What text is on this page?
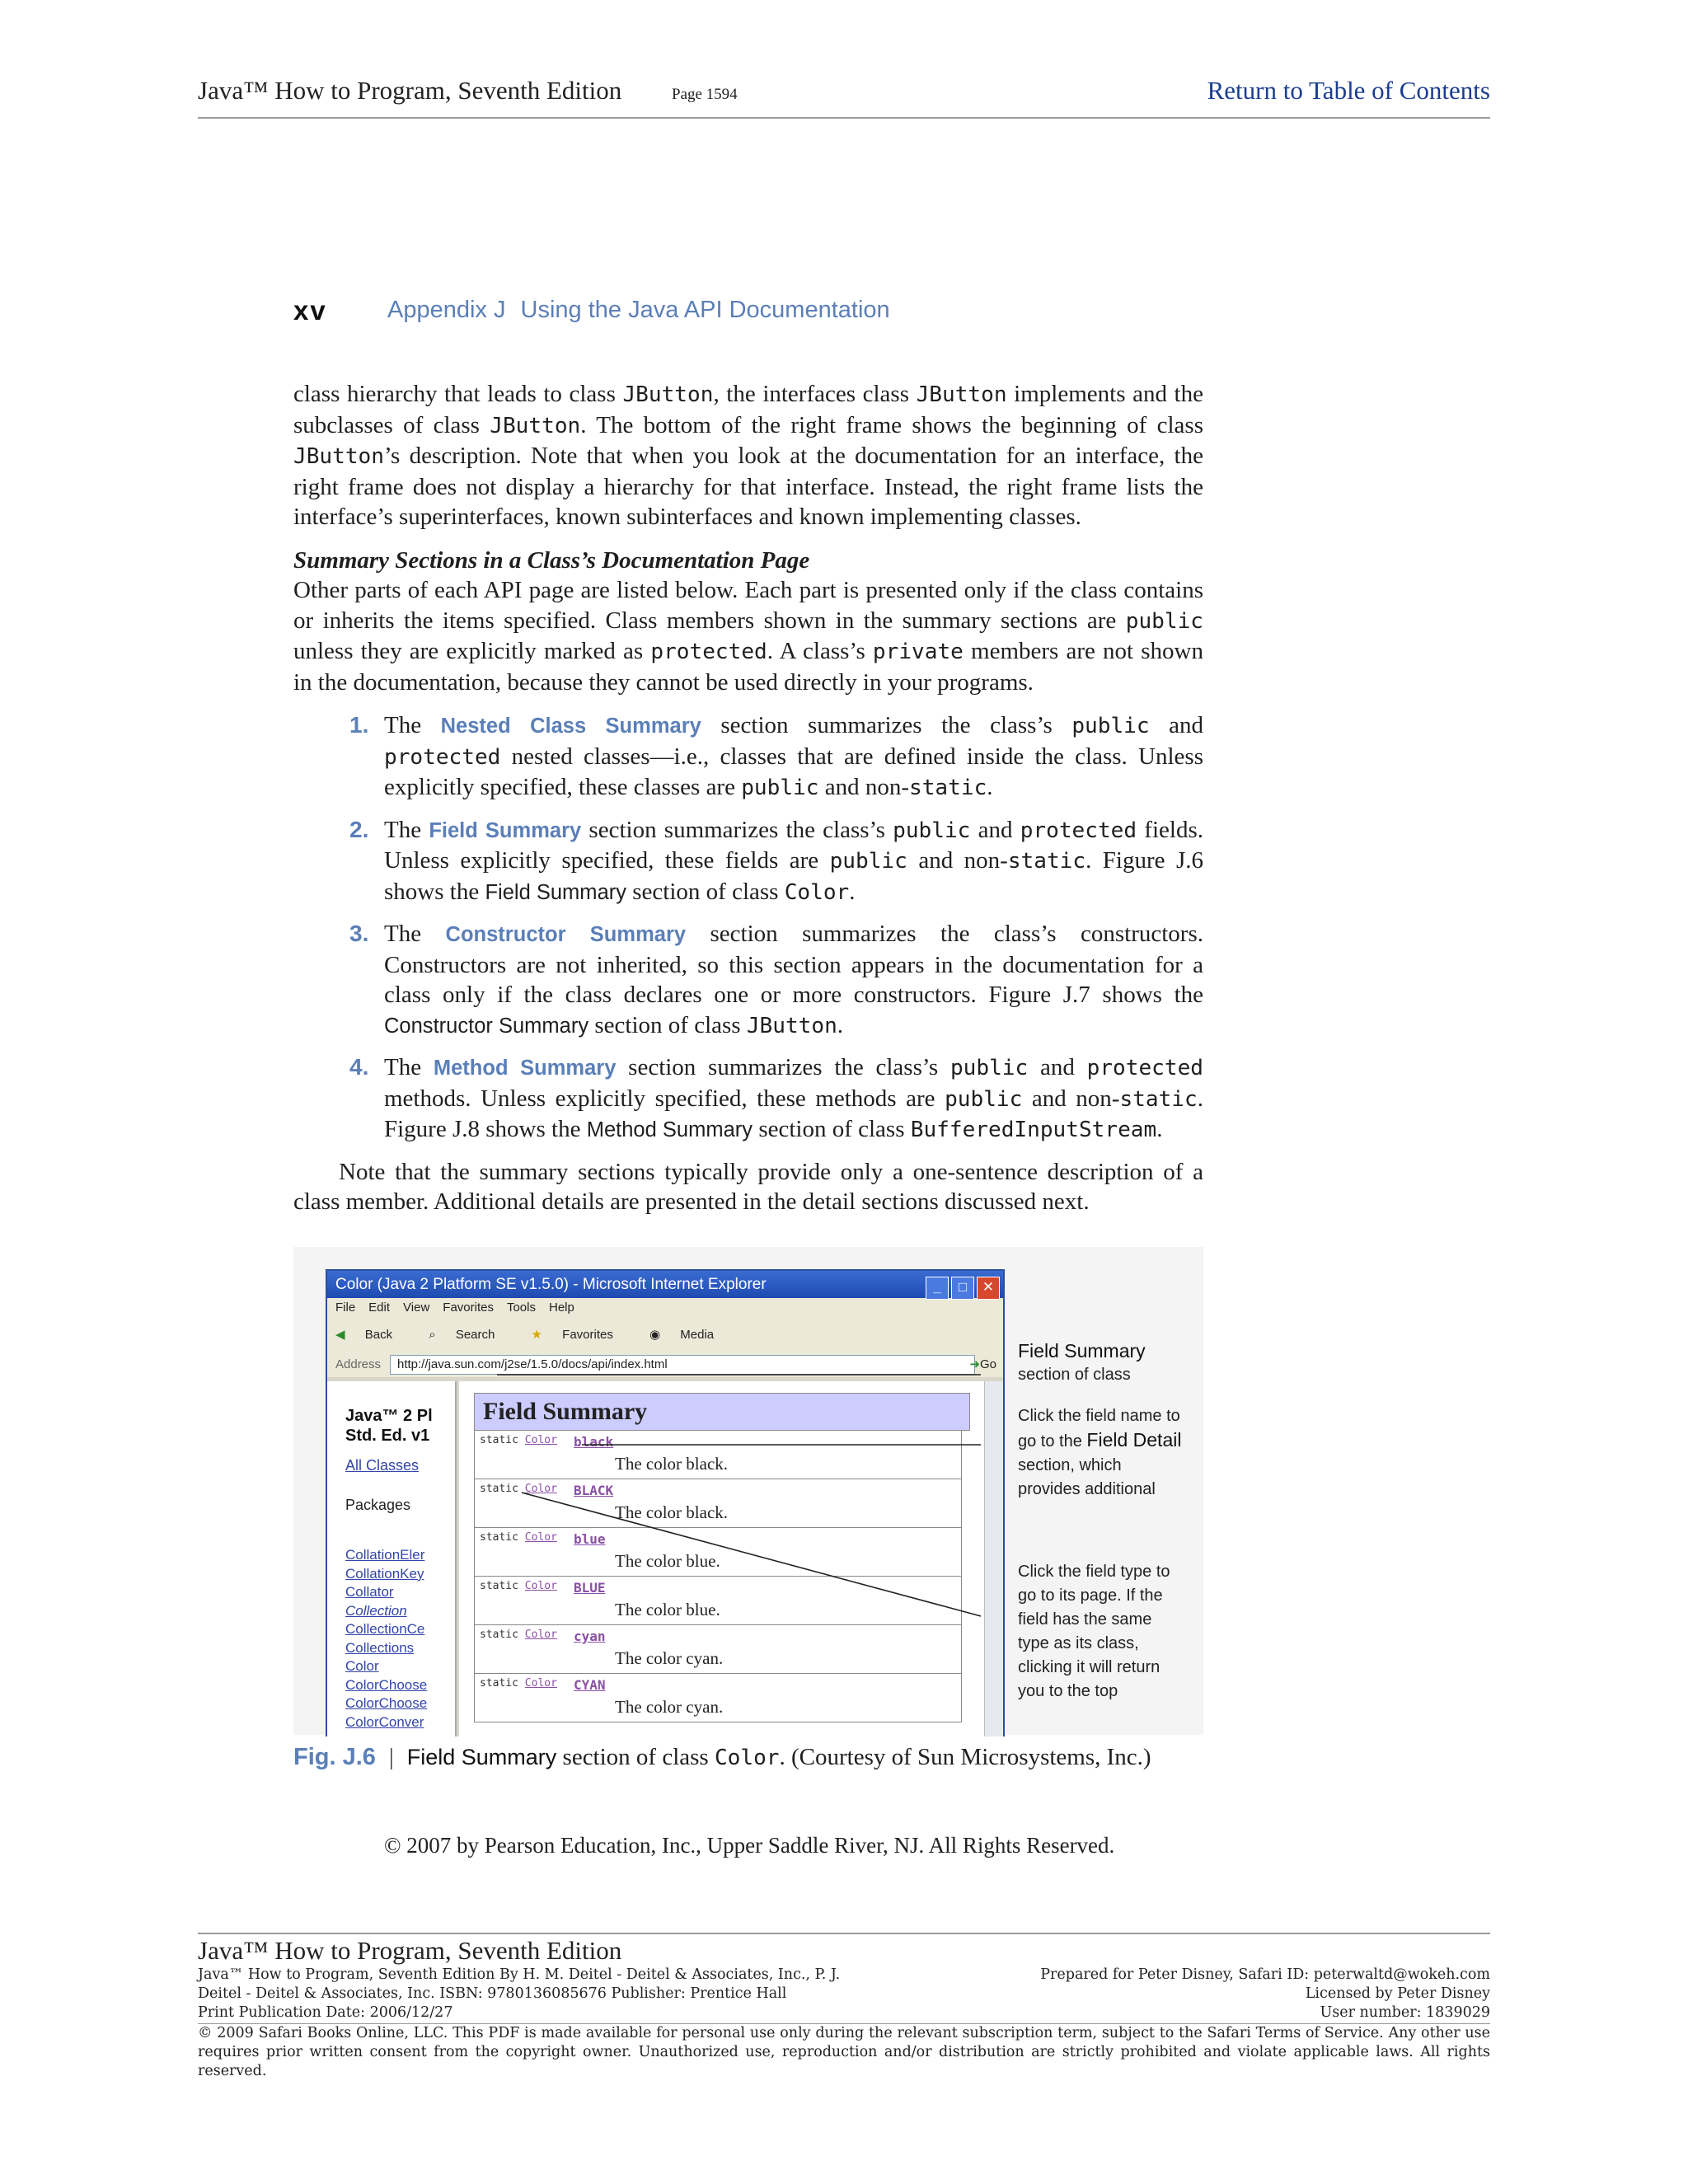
Java™ How to Program, Seventh Edition	Page 1594	Return to Table of Contents
xv	Appendix J Using the Java API Documentation

class hierarchy that leads to class JButton, the interfaces class JButton implements and the subclasses of class JButton. The bottom of the right frame shows the beginning of class JButton’s description. Note that when you look at the documentation for an interface, the right frame does not display a hierarchy for that interface. Instead, the right frame lists the interface’s superinterfaces, known subinterfaces and known implementing classes.

Summary Sections in a Class’s Documentation Page

Other parts of each API page are listed below. Each part is presented only if the class contains or inherits the items specified. Class members shown in the summary sections are public unless they are explicitly marked as protected. A class’s private members are not shown in the documentation, because they cannot be used directly in your programs.

1. The Nested Class Summary section summarizes the class’s public and protected nested classes—i.e., classes that are defined inside the class. Unless explicitly specified, these classes are public and non-static.
2. The Field Summary section summarizes the class’s public and protected fields. Unless explicitly specified, these fields are public and non-static. Figure J.6 shows the Field Summary section of class Color.
3. The Constructor Summary section summarizes the class’s constructors. Constructors are not inherited, so this section appears in the documentation for a class only if the class declares one or more constructors. Figure J.7 shows the Constructor Summary section of class JButton.
4. The Method Summary section summarizes the class’s public and protected methods. Unless explicitly specified, these methods are public and non-static. Figure J.8 shows the Method Summary section of class BufferedInputStream.

Note that the summary sections typically provide only a one-sentence description of a class member. Additional details are presented in the detail sections discussed next.

Color (Java 2 Platform SE v1.5.0) - Microsoft Internet Explorer	_ □ ✕
File Edit View Favorites Tools Help
◀ Back	⌕ Search	★ Favorites	◉ Media
Address	http://java.sun.com/j2se/1.5.0/docs/api/index.html	➜Go
Java™ 2 Pl
Std. Ed. v1
All Classes
Packages
CollationEler
CollationKey
Collator
Collection
CollectionCe
Collections
Color
ColorChoose
ColorChoose
ColorConver
Field Summary
static Color black
The color black.
static Color BLACK
The color black.
static Color blue
The color blue.
static Color BLUE
The color blue.
static Color cyan
The color cyan.
static Color CYAN
The color cyan.
Field Summary
section of class
Click the field name to go to the Field Detail section, which provides additional
Click the field type to go to its page. If the field has the same type as its class, clicking it will return you to the top
Fig. J.6 | Field Summary section of class Color. (Courtesy of Sun Microsystems, Inc.)
© 2007 by Pearson Education, Inc., Upper Saddle River, NJ. All Rights Reserved.
Java™ How to Program, Seventh Edition
Java™ How to Program, Seventh Edition By H. M. Deitel - Deitel & Associates, Inc., P. J.	Prepared for Peter Disney, Safari ID: peterwaltd@wokeh.com
Deitel - Deitel & Associates, Inc. ISBN: 9780136085676 Publisher: Prentice Hall	Licensed by Peter Disney
Print Publication Date: 2006/12/27	User number: 1839029
© 2009 Safari Books Online, LLC. This PDF is made available for personal use only during the relevant subscription term, subject to the Safari Terms of Service. Any other use requires prior written consent from the copyright owner. Unauthorized use, reproduction and/or distribution are strictly prohibited and violate applicable laws. All rights reserved.
